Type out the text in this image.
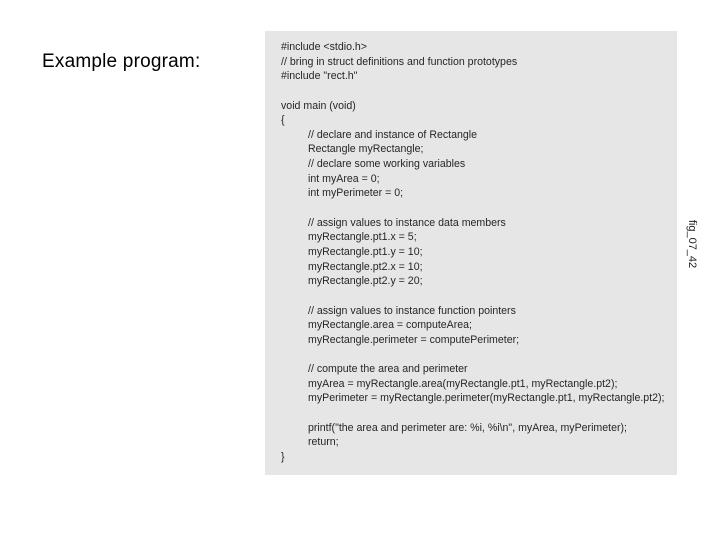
Example program:
#include <stdio.h>
// bring in struct definitions and function prototypes
#include "rect.h"
void main (void)
{
// declare and instance of Rectangle
Rectangle myRectangle;
// declare some working variables
int myArea = 0;
int myPerimeter = 0;
// assign values to instance data members
myRectangle.pt1.x = 5;
myRectangle.pt1.y = 10;
myRectangle.pt2.x = 10;
myRectangle.pt2.y = 20;
// assign values to instance function pointers
myRectangle.area = computeArea;
myRectangle.perimeter = computePerimeter;
// compute the area and perimeter
myArea = myRectangle.area(myRectangle.pt1, myRectangle.pt2);
myPerimeter = myRectangle.perimeter(myRectangle.pt1, myRectangle.pt2);
printf("the area and perimeter are: %i, %i\n", myArea, myPerimeter);
return;
}
fig_07_42
